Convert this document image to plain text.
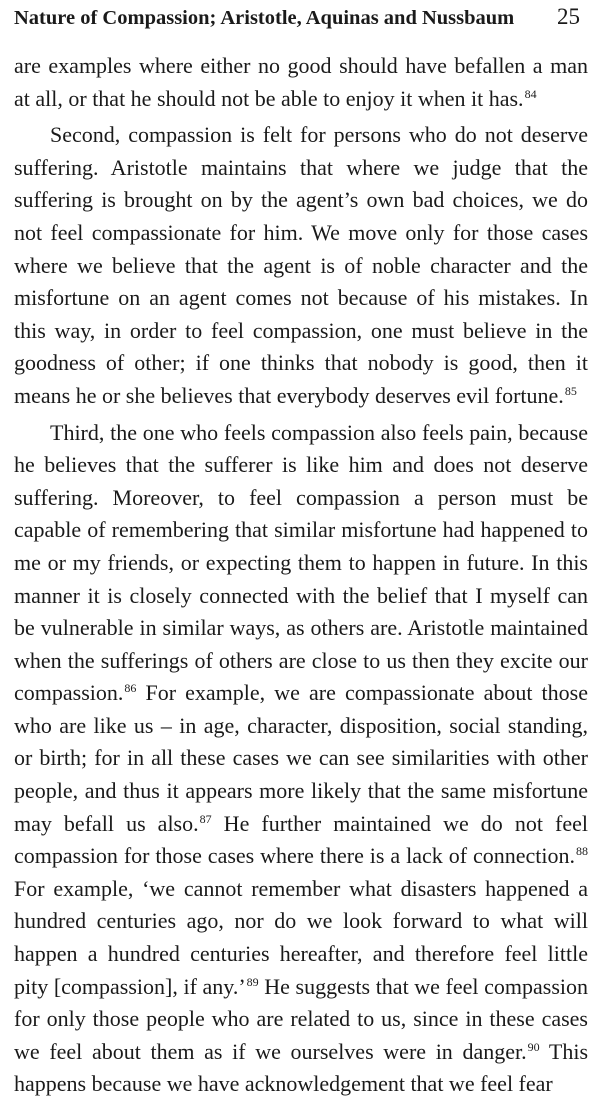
Nature of Compassion; Aristotle, Aquinas and Nussbaum 25

are examples where either no good should have befallen a man at all, or that he should not be able to enjoy it when it has.$^{84}$

Second, compassion is felt for persons who do not deserve suffering. Aristotle maintains that where we judge that the suffering is brought on by the agent’s own bad choices, we do not feel compassionate for him. We move only for those cases where we believe that the agent is of noble character and the misfortune on an agent comes not because of his mistakes. In this way, in order to feel compassion, one must believe in the goodness of other; if one thinks that nobody is good, then it means he or she believes that everybody deserves evil fortune.$^{85}$

Third, the one who feels compassion also feels pain, because he believes that the sufferer is like him and does not deserve suffering. Moreover, to feel compassion a person must be capable of remembering that similar misfortune had happened to me or my friends, or expecting them to happen in future. In this manner it is closely connected with the belief that I myself can be vulnerable in similar ways, as others are. Aristotle maintained when the sufferings of others are close to us then they excite our compassion.$^{86}$ For example, we are compassionate about those who are like us – in age, character, disposition, social standing, or birth; for in all these cases we can see similarities with other people, and thus it appears more likely that the same misfortune may befall us also.$^{87}$ He further maintained we do not feel compassion for those cases where there is a lack of connection.$^{88}$ For example, ‘we cannot remember what disasters happened a hundred centuries ago, nor do we look forward to what will happen a hundred centuries hereafter, and therefore feel little pity [compassion], if any.’$^{89}$ He suggests that we feel compassion for only those people who are related to us, since in these cases we feel about them as if we ourselves were in danger.$^{90}$ This happens because we have acknowledgement that we feel fear
